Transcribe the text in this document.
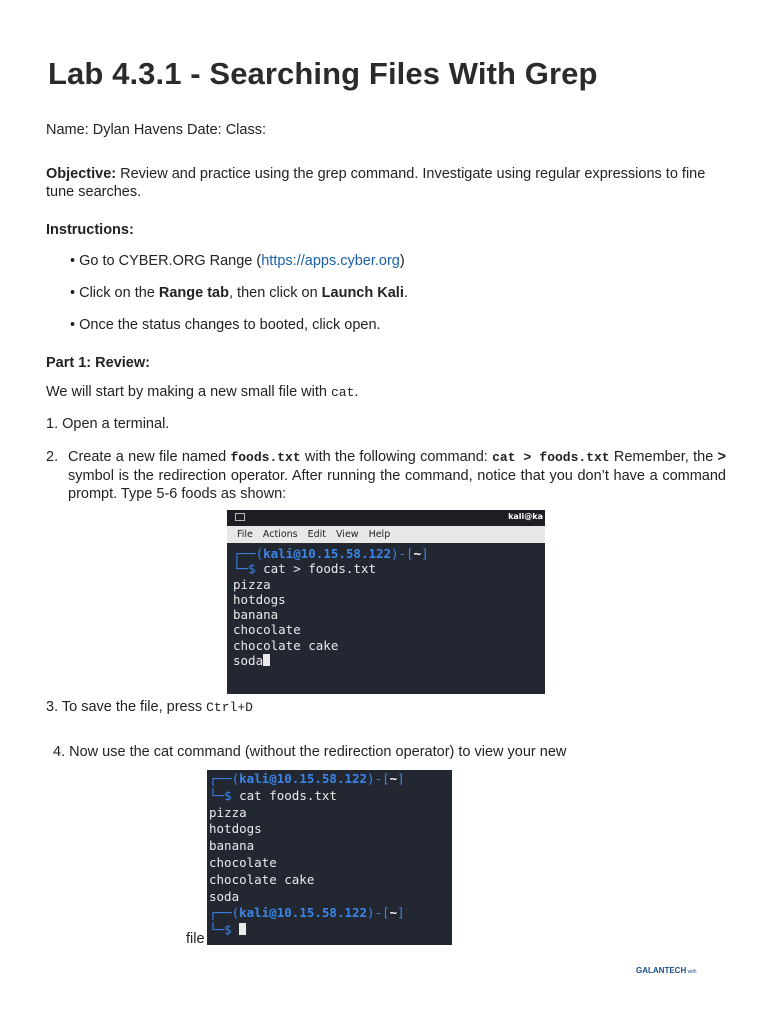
Lab 4.3.1 - Searching Files With Grep
Name: Dylan Havens Date: Class:
Objective: Review and practice using the grep command. Investigate using regular expressions to fine tune searches.
Instructions:
• Go to CYBER.ORG Range (https://apps.cyber.org)
• Click on the Range tab, then click on Launch Kali.
• Once the status changes to booted, click open.
Part 1: Review:
We will start by making a new small file with cat.
1. Open a terminal.
2. Create a new file named foods.txt with the following command: cat > foods.txt Remember, the > symbol is the redirection operator. After running the command, notice that you don’t have a command prompt. Type 5-6 foods as shown:
kali@ka
File Actions Edit View Help
┌──(kali@10.15.58.122)-[~]
└─$ cat > foods.txt
pizza
hotdogs
banana
chocolate
chocolate cake
soda
3. To save the file, press Ctrl+D
4. Now use the cat command (without the redirection operator) to view your new
┌──(kali@10.15.58.122)-[~]
└─$ cat foods.txt
pizza
hotdogs
banana
chocolate
chocolate cake
soda
┌──(kali@10.15.58.122)-[~]
└─$
file
GALANTECH with
